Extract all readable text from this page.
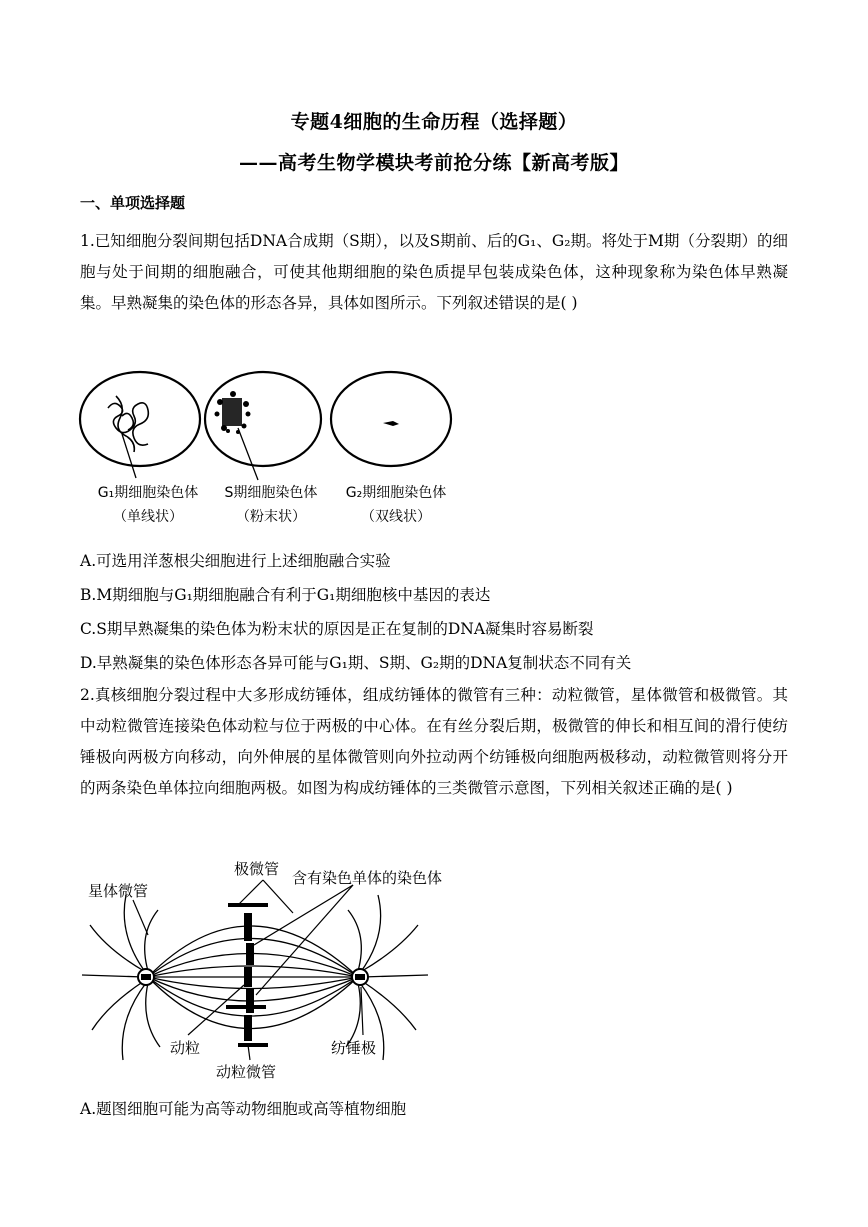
专题4细胞的生命历程（选择题）
——高考生物学模块考前抢分练【新高考版】
一、单项选择题
1.已知细胞分裂间期包括DNA合成期（S期），以及S期前、后的G₁、G₂期。将处于M期（分裂期）的细胞与处于间期的细胞融合，可使其他期细胞的染色质提早包装成染色体，这种现象称为染色体早熟凝集。早熟凝集的染色体的形态各异，具体如图所示。下列叙述错误的是( )
G₁期细胞染色体
（单线状）
S期细胞染色体
（粉末状）
G₂期细胞染色体
（双线状）
A.可选用洋葱根尖细胞进行上述细胞融合实验
B.M期细胞与G₁期细胞融合有利于G₁期细胞核中基因的表达
C.S期早熟凝集的染色体为粉末状的原因是正在复制的DNA凝集时容易断裂
D.早熟凝集的染色体形态各异可能与G₁期、S期、G₂期的DNA复制状态不同有关
2.真核细胞分裂过程中大多形成纺锤体，组成纺锤体的微管有三种：动粒微管，星体微管和极微管。其中动粒微管连接染色体动粒与位于两极的中心体。在有丝分裂后期，极微管的伸长和相互间的滑行使纺锤极向两极方向移动，向外伸展的星体微管则向外拉动两个纺锤极向细胞两极移动，动粒微管则将分开的两条染色单体拉向细胞两极。如图为构成纺锤体的三类微管示意图，下列相关叙述正确的是( )
极微管 含有染色单体的染色体
星体微管
动粒
动粒微管
纺锤极
A.题图细胞可能为高等动物细胞或高等植物细胞
